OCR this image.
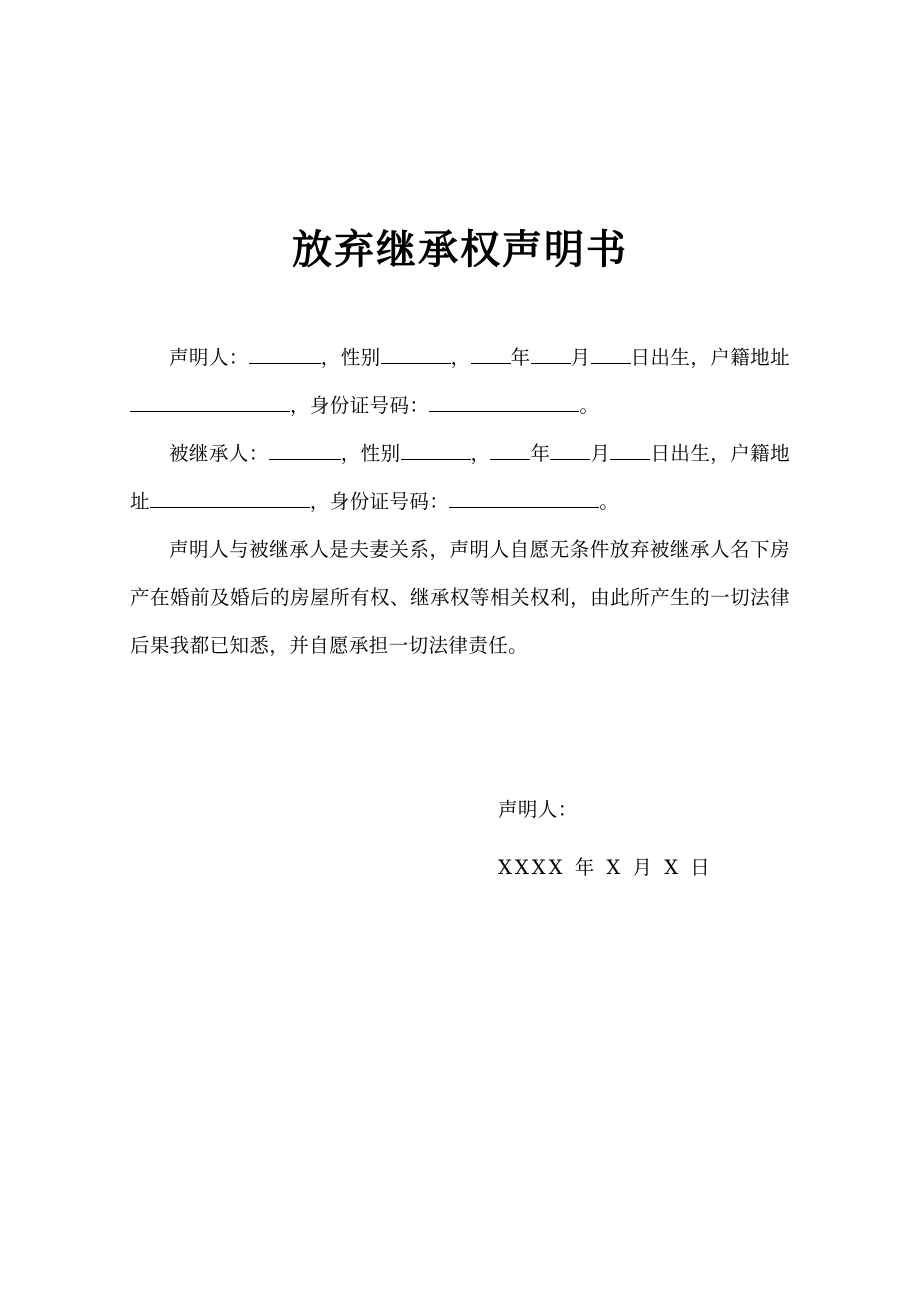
放弃继承权声明书

声明人：	，性别	， 年 月 日出生，户籍地址，身份证号码：	。

被继承人：	，性别	， 年 月 日出生，户籍地址	，身份证号码：	。

声明人与被继承人是夫妻关系，声明人自愿无条件放弃被继承人名下房产在婚前及婚后的房屋所有权、继承权等相关权利，由此所产生的一切法律后果我都已知悉，并自愿承担一切法律责任。

声明人：
XXXX 年 X 月 X 日
